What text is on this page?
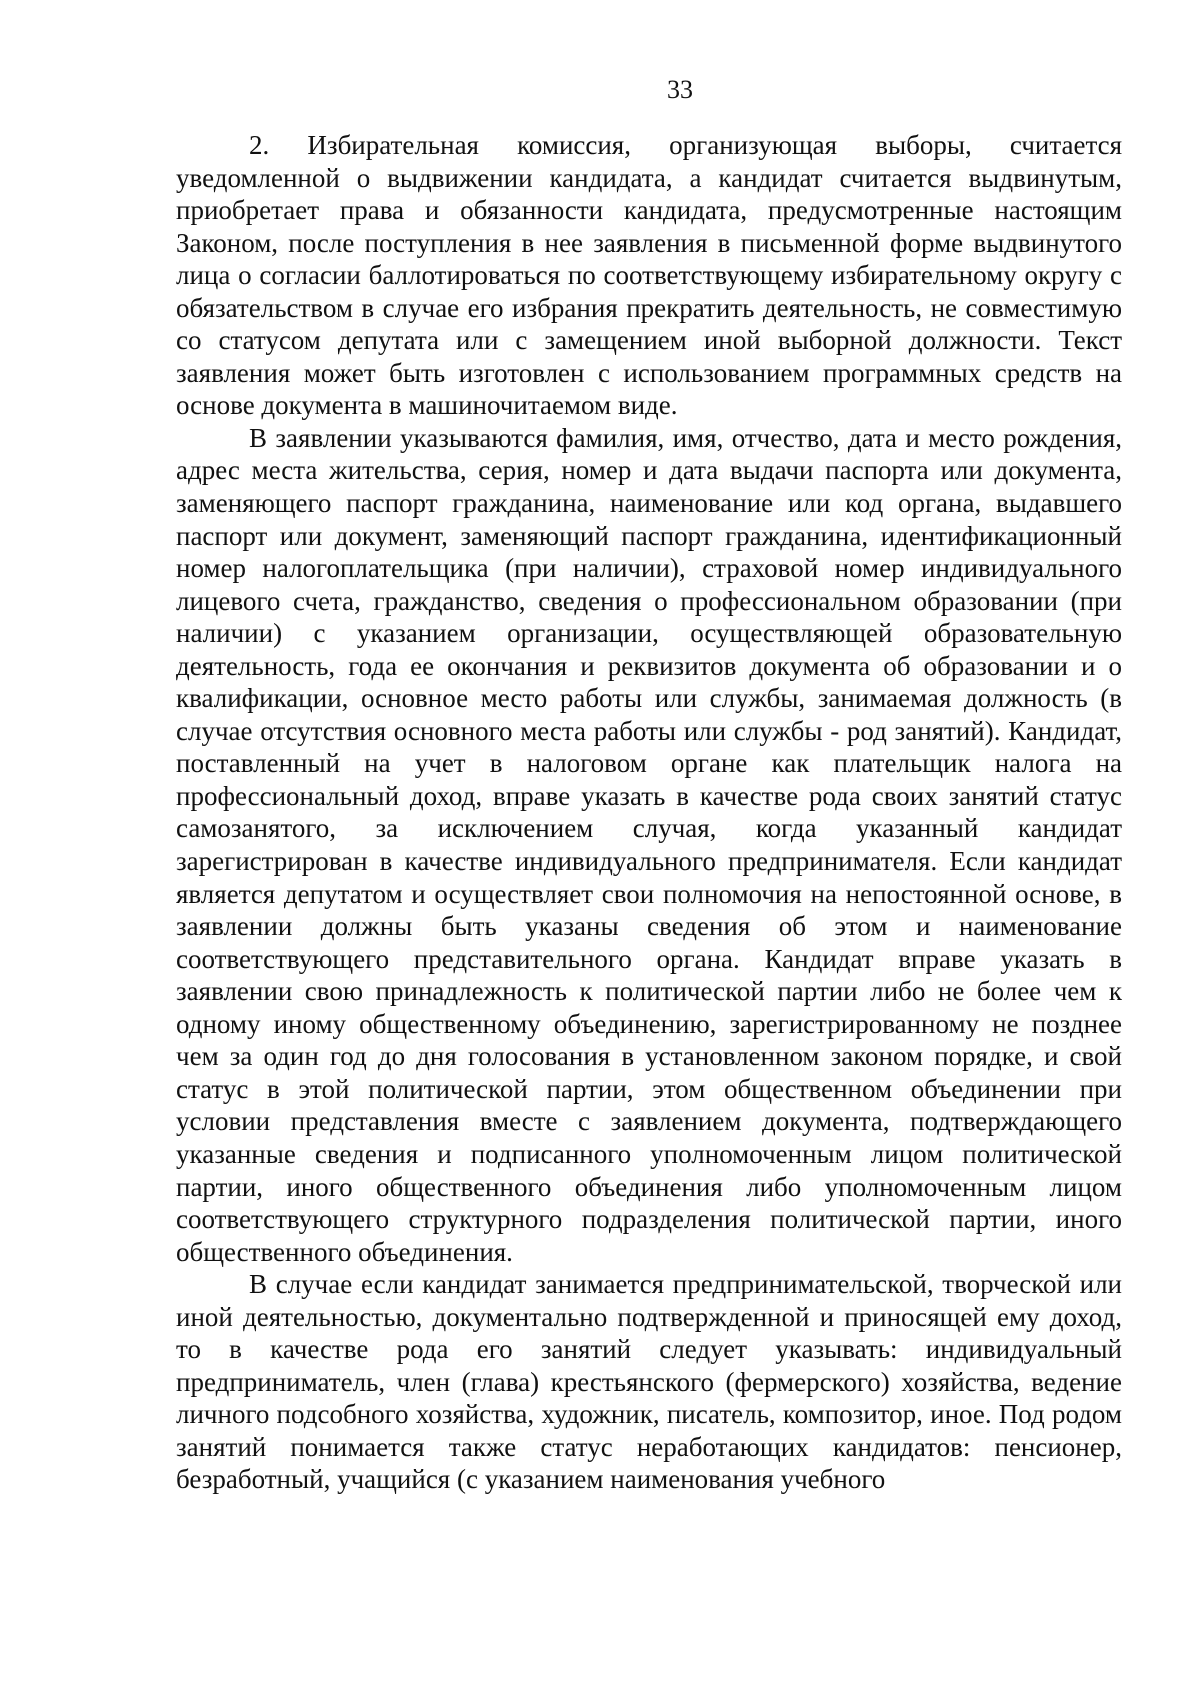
33

2. Избирательная комиссия, организующая выборы, считается уведомленной о выдвижении кандидата, а кандидат считается выдвинутым, приобретает права и обязанности кандидата, предусмотренные настоящим Законом, после поступления в нее заявления в письменной форме выдвинутого лица о согласии баллотироваться по соответствующему избирательному округу с обязательством в случае его избрания прекратить деятельность, не совместимую со статусом депутата или с замещением иной выборной должности. Текст заявления может быть изготовлен с использованием программных средств на основе документа в машиночитаемом виде.

В заявлении указываются фамилия, имя, отчество, дата и место рождения, адрес места жительства, серия, номер и дата выдачи паспорта или документа, заменяющего паспорт гражданина, наименование или код органа, выдавшего паспорт или документ, заменяющий паспорт гражданина, идентификационный номер налогоплательщика (при наличии), страховой номер индивидуального лицевого счета, гражданство, сведения о профессиональном образовании (при наличии) с указанием организации, осуществляющей образовательную деятельность, года ее окончания и реквизитов документа об образовании и о квалификации, основное место работы или службы, занимаемая должность (в случае отсутствия основного места работы или службы - род занятий). Кандидат, поставленный на учет в налоговом органе как плательщик налога на профессиональный доход, вправе указать в качестве рода своих занятий статус самозанятого, за исключением случая, когда указанный кандидат зарегистрирован в качестве индивидуального предпринимателя. Если кандидат является депутатом и осуществляет свои полномочия на непостоянной основе, в заявлении должны быть указаны сведения об этом и наименование соответствующего представительного органа. Кандидат вправе указать в заявлении свою принадлежность к политической партии либо не более чем к одному иному общественному объединению, зарегистрированному не позднее чем за один год до дня голосования в установленном законом порядке, и свой статус в этой политической партии, этом общественном объединении при условии представления вместе с заявлением документа, подтверждающего указанные сведения и подписанного уполномоченным лицом политической партии, иного общественного объединения либо уполномоченным лицом соответствующего структурного подразделения политической партии, иного общественного объединения.

В случае если кандидат занимается предпринимательской, творческой или иной деятельностью, документально подтвержденной и приносящей ему доход, то в качестве рода его занятий следует указывать: индивидуальный предприниматель, член (глава) крестьянского (фермерского) хозяйства, ведение личного подсобного хозяйства, художник, писатель, композитор, иное. Под родом занятий понимается также статус неработающих кандидатов: пенсионер, безработный, учащийся (с указанием наименования учебного
